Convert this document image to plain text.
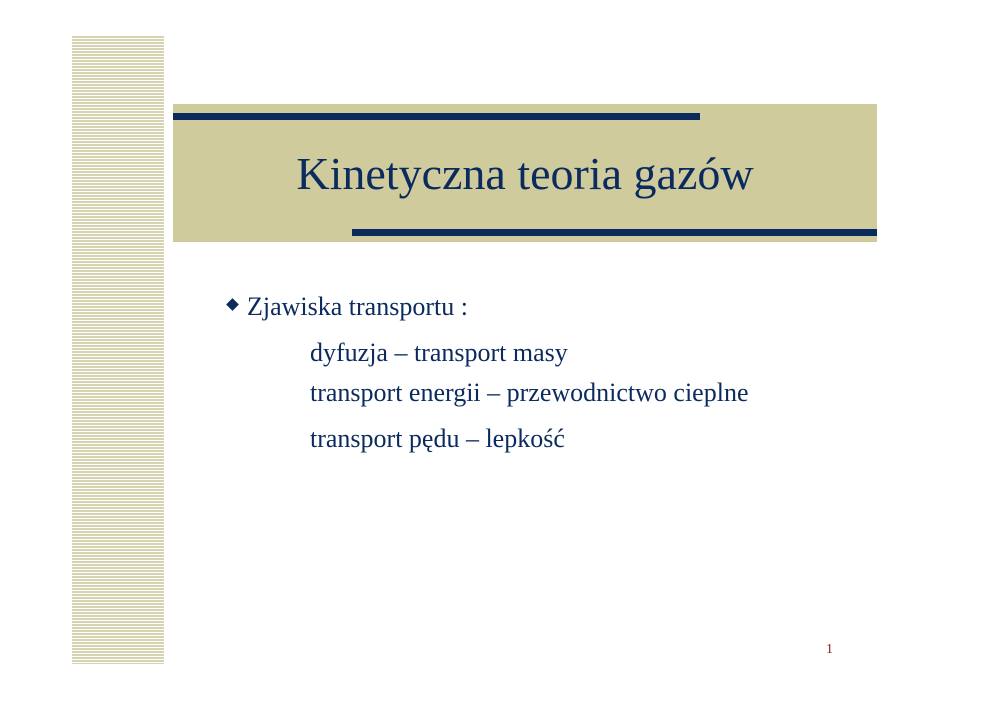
Kinetyczna teoria gazów
Zjawiska transportu :
dyfuzja – transport masy
transport energii – przewodnictwo cieplne
transport pędu – lepkość
1
